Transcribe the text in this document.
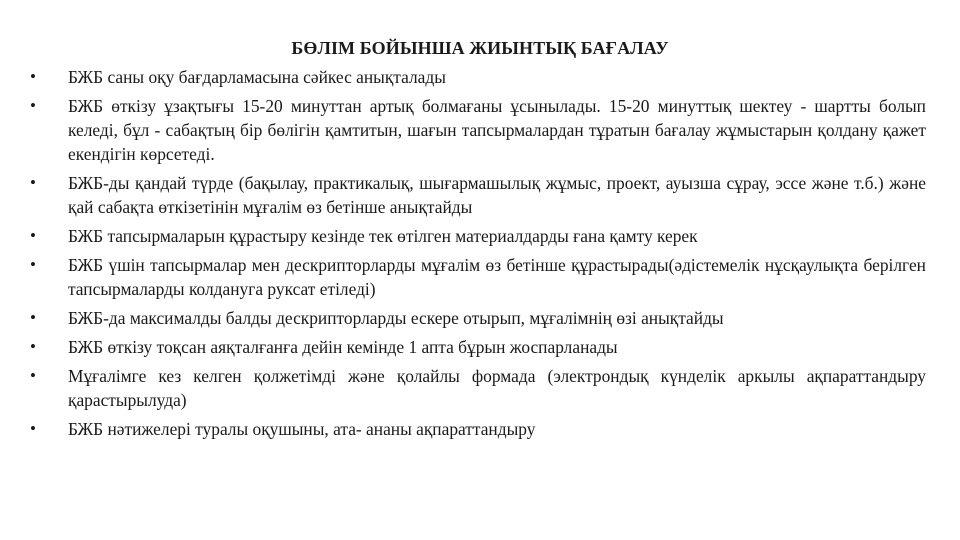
БӨЛІМ БОЙЫНША ЖИЫНТЫҚ БАҒАЛАУ
• БЖБ саны оқу бағдарламасына сәйкес анықталады
• БЖБ өткізу ұзақтығы 15-20 минуттан артық болмағаны ұсынылады. 15-20 минуттық шектеу - шартты болып келеді, бұл - сабақтың бір бөлігін қамтитын, шағын тапсырмалардан тұратын бағалау жұмыстарын қолдану қажет екендігін көрсетеді.
• БЖБ-ды қандай түрде (бақылау, практикалық, шығармашылық жұмыс, проект, ауызша сұрау, эссе және т.б.) және қай сабақта өткізетінін мұғалім өз бетінше анықтайды
• БЖБ тапсырмаларын құрастыру кезінде тек өтілген материалдарды ғана қамту керек
• БЖБ үшін тапсырмалар мен дескрипторларды мұғалім өз бетінше құрастырады(әдістемелік нұсқаулықта берілген тапсырмаларды колдануга руксат етіледі)
• БЖБ-да максималды балды дескрипторларды ескере отырып, мұғалімнің өзі анықтайды
• БЖБ өткізу тоқсан аяқталғанға дейін кемінде 1 апта бұрын жоспарланады
• Мұғалімге кез келген қолжетімді және қолайлы формада (электрондық күнделік аркылы ақпараттандыру қарастырылуда)
• БЖБ нәтижелері туралы оқушыны, ата- ананы ақпараттандыру
